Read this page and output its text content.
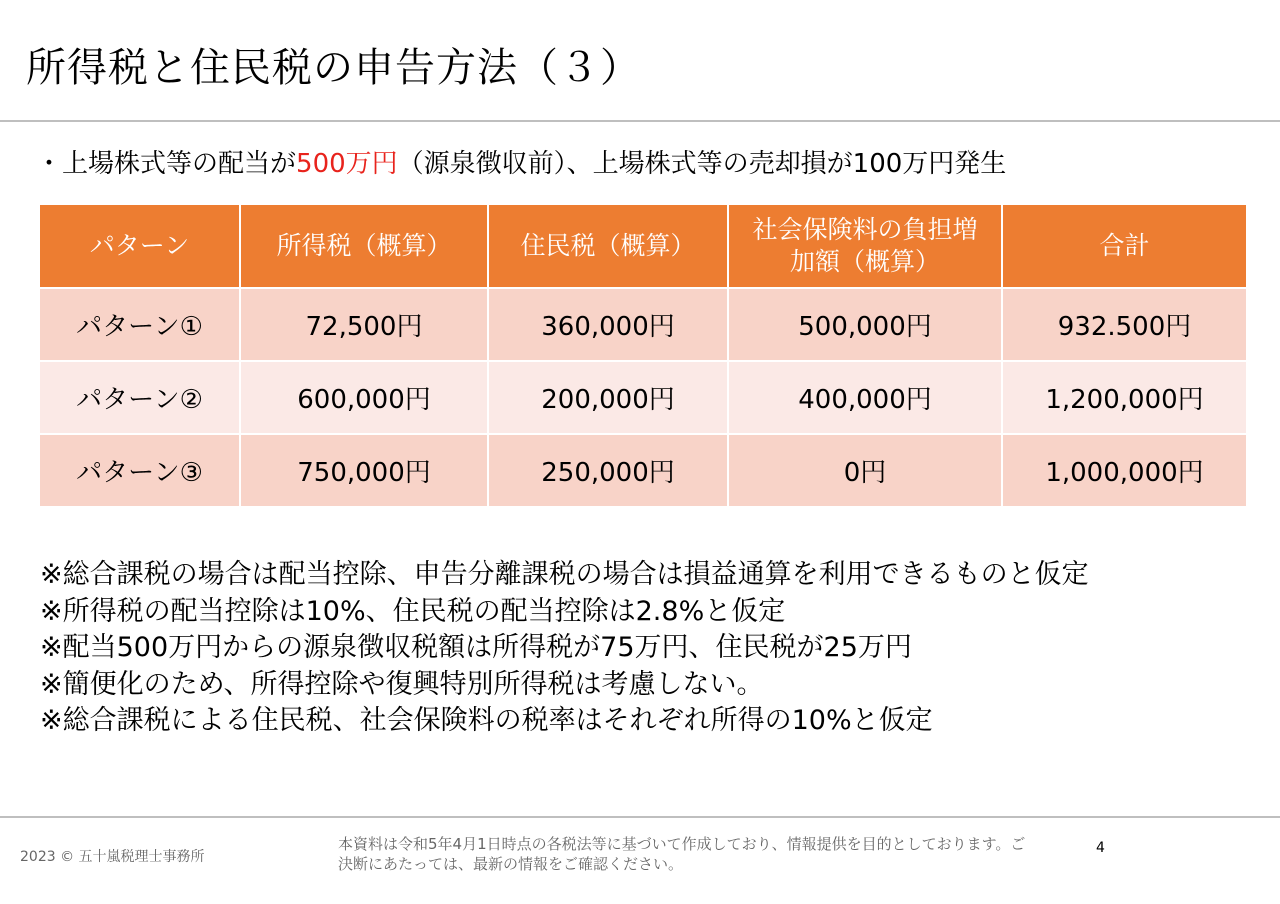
所得税と住民税の申告方法（３）
・上場株式等の配当が500万円（源泉徴収前）、上場株式等の売却損が100万円発生
パターン	所得税（概算）	住民税（概算）	社会保険料の負担増加額（概算）	合計
パターン①	72,500円	360,000円	500,000円	932.500円
パターン②	600,000円	200,000円	400,000円	1,200,000円
パターン③	750,000円	250,000円	0円	1,000,000円
※総合課税の場合は配当控除、申告分離課税の場合は損益通算を利用できるものと仮定
※所得税の配当控除は10%、住民税の配当控除は2.8%と仮定
※配当500万円からの源泉徴収税額は所得税が75万円、住民税が25万円
※簡便化のため、所得控除や復興特別所得税は考慮しない。
※総合課税による住民税、社会保険料の税率はそれぞれ所得の10%と仮定
2023 © 五十嵐税理士事務所
本資料は令和5年4月1日時点の各税法等に基づいて作成しており、情報提供を目的としております。ご決断にあたっては、最新の情報をご確認ください。
4
